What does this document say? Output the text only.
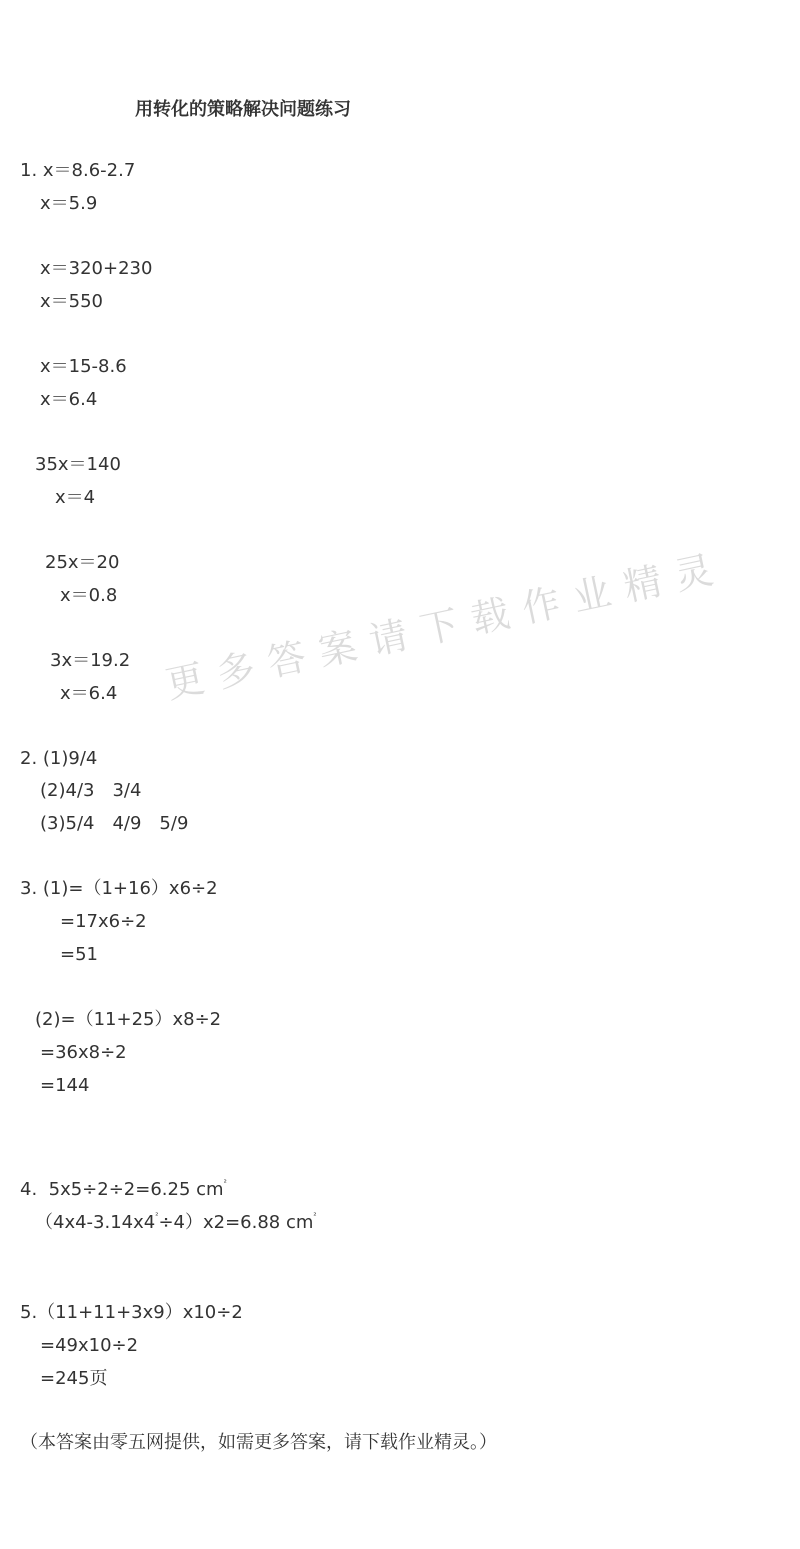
用转化的策略解决问题练习
1. x＝8.6-2.7
x＝5.9
x＝320+230
x＝550
x＝15-8.6
x＝6.4
35x＝140
x＝4
25x＝20
x＝0.8
3x＝19.2
x＝6.4 更多答案请下载作业精灵
2. (1)9/4
(2)4/3　3/4
(3)5/4　4/9　5/9
3. (1)=（1+16）x6÷2
=17x6÷2
=51
(2)=（11+25）x8÷2
=36x8÷2
=144
4.  5x5÷2÷2=6.25 $cm^{^2}$
$(4x4-3.14x4^{^2}\div 4)x2=6.88$ $cm^{^2}$
5.（11+11+3x9）x10÷2
=49x10÷2
=245页
（本答案由零五网提供，如需更多答案，请下载作业精灵。）
